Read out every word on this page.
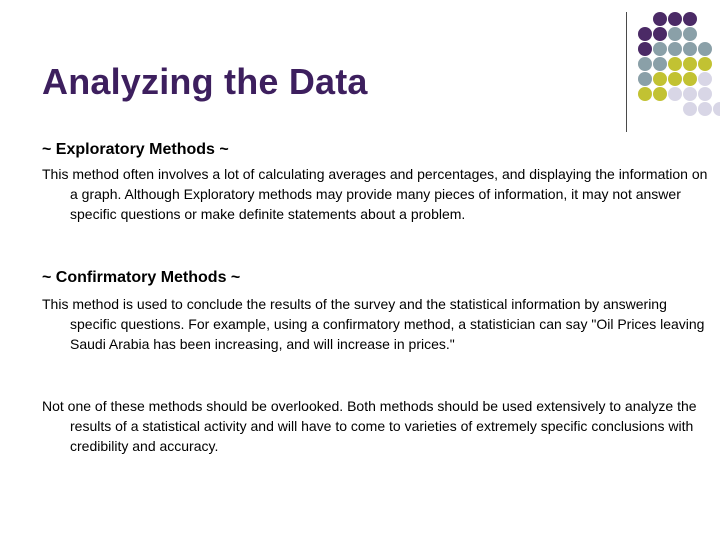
Analyzing the Data

~ Exploratory Methods ~

This method often involves a lot of calculating averages and percentages, and displaying the information on a graph. Although Exploratory methods may provide many pieces of information, it may not answer specific questions or make definite statements about a problem.

~ Confirmatory Methods ~

This method is used to conclude the results of the survey and the statistical information by answering specific questions. For example, using a confirmatory method, a statistician can say "Oil Prices leaving Saudi Arabia has been increasing, and will increase in prices."

Not one of these methods should be overlooked. Both methods should be used extensively to analyze the results of a statistical activity and will have to come to varieties of extremely specific conclusions with credibility and accuracy.
